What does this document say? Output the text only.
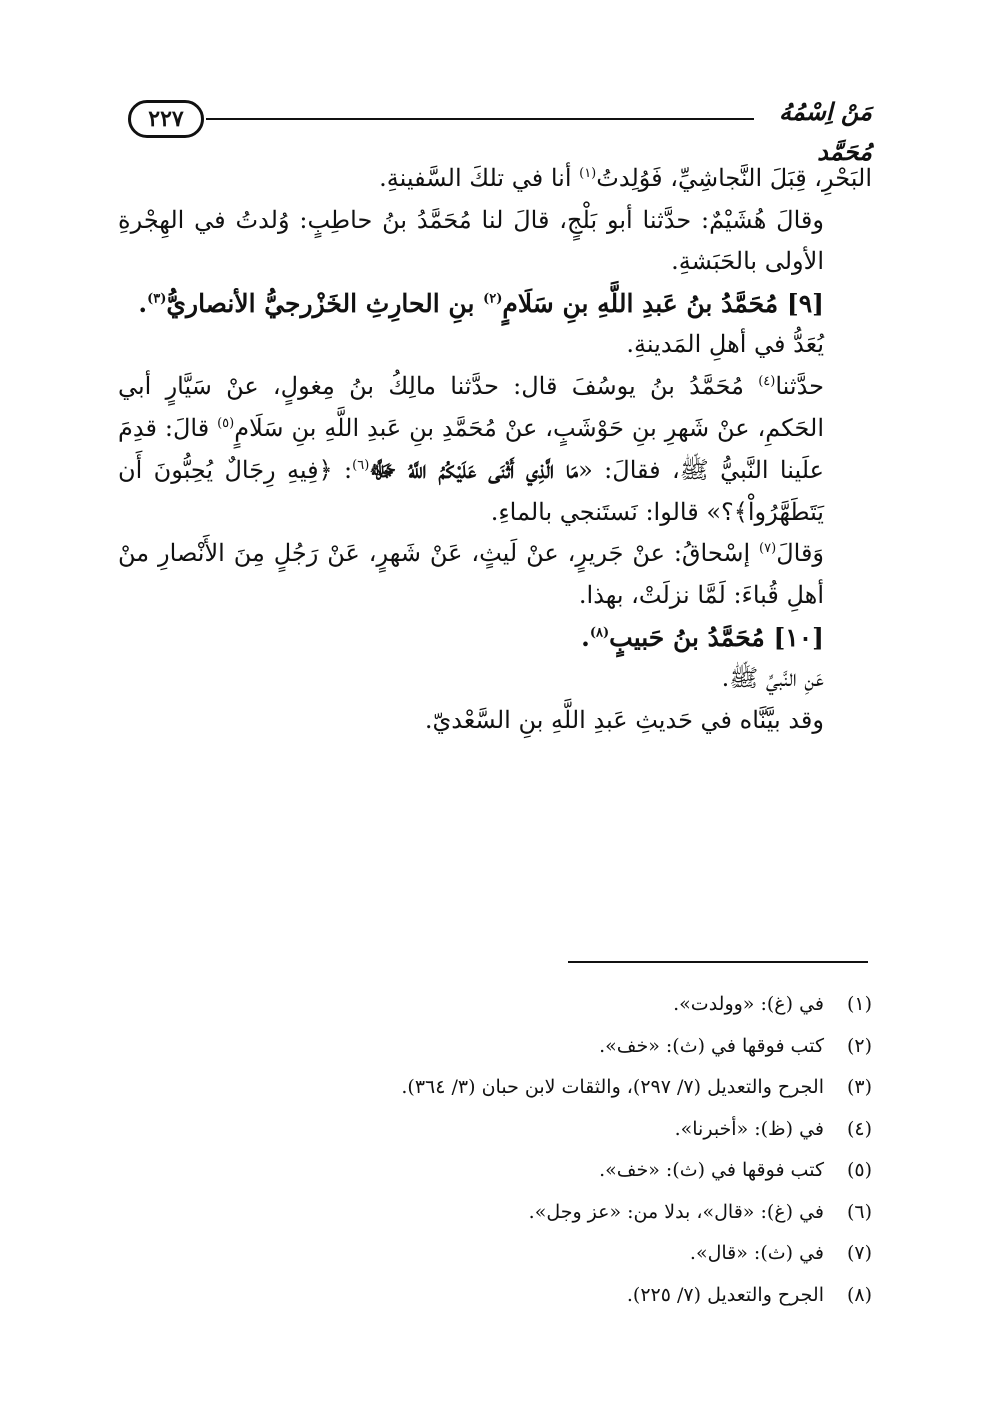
٢٢٧	مَنْ اِسْمُهُ مُحَمَّد

البَحْرِ، قِبَلَ النَّجاشِيِّ، فَوُلِدتُ$^{(١)}$ أنا في تلكَ السَّفينةِ.

وقالَ هُشَيْمٌ: حدَّثنا أبو بَلْجٍ، قالَ لنا مُحَمَّدُ بنُ حاطِبٍ: وُلدتُ في الهِجْرةِ الأولى بالحَبَشةِ.

[٩] مُحَمَّدُ بنُ عَبدِ اللَّهِ بنِ سَلَامٍ$^{(٢)}$ بنِ الحارِثِ الخَزْرجيُّ الأنصاريُّ$^{(٣)}$.

يُعَدُّ في أهلِ المَدينةِ.

حدَّثنا$^{(٤)}$ مُحَمَّدُ بنُ يوسُفَ قال: حدَّثنا مالِكُ بنُ مِغولٍ، عنْ سَيَّارٍ أبي الحَكمِ، عنْ شَهرِ بنِ حَوْشَبٍ، عنْ مُحَمَّدِ بنِ عَبدِ اللَّهِ بنِ سَلَامٍ$^{(٥)}$ قالَ: قدِمَ علَينا النَّبيُّ ﷺ، فقالَ: «مَا الَّذِي أَثْنَى عَلَيْكُمُ اللَّهُ ﷻ$^{(٦)}$: ﴿فِيهِ رِجَالٌ يُحِبُّونَ أَن يَتَطَهَّرُواْ﴾؟» قالوا: نَستَنجي بالماءِ.

وَقالَ$^{(٧)}$ إسْحاقُ: عنْ جَريرٍ، عنْ لَيثٍ، عَنْ شَهرٍ، عَنْ رَجُلٍ مِنَ الأَنْصارِ منْ أهلِ قُباءَ: لَمَّا نزلَتْ، بهذا.

[١٠] مُحَمَّدُ بنُ حَبيبٍ$^{(٨)}$.

عَنِ النَّبيِّ ﷺ.

وقد بيَّنَّاه في حَديثِ عَبدِ اللَّهِ بنِ السَّعْديّ.

(١)
في (غ): «وولدت».
(٢)
كتب فوقها في (ث): «خف».
(٣)
الجرح والتعديل (٧/ ٢٩٧)، والثقات لابن حبان (٣/ ٣٦٤).
(٤)
في (ظ): «أخبرنا».
(٥)
كتب فوقها في (ث): «خف».
(٦)
في (غ): «قال»، بدلا من: «عز وجل».
(٧)
في (ث): «قال».
(٨)
الجرح والتعديل (٧/ ٢٢٥).
